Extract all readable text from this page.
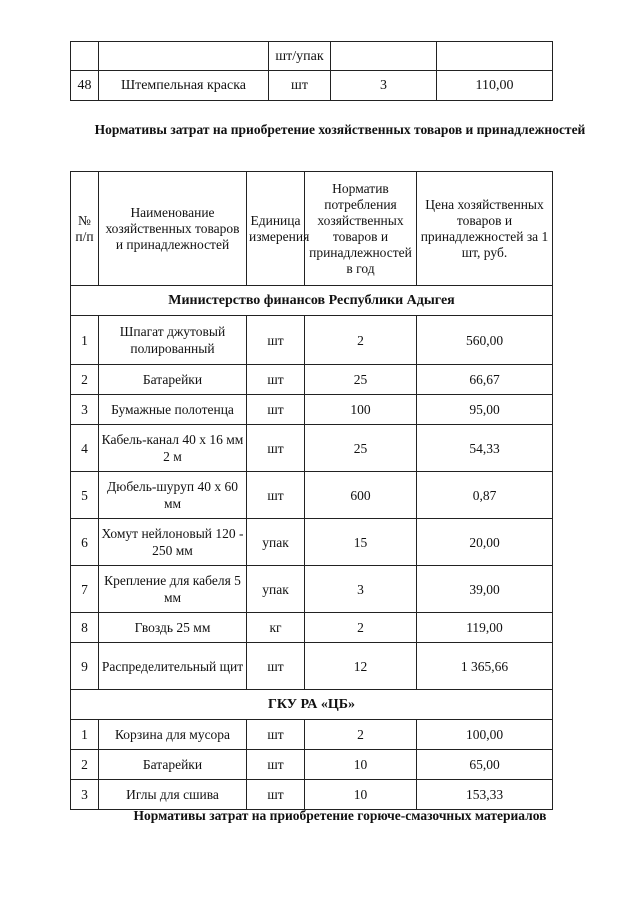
		шт/упак		
48	Штемпельная краска	шт	3	110,00
Нормативы затрат на приобретение хозяйственных товаров и принадлежностей
№ п/п	Наименование хозяйственных товаров и принадлежностей	Единица измерения	Норматив потребления хозяйственных товаров и принадлежностей в год	Цена хозяйственных товаров и принадлежностей за 1 шт, руб.
Министерство финансов Республики Адыгея				
1	Шпагат джутовый полированный	шт	2	560,00
2	Батарейки	шт	25	66,67
3	Бумажные полотенца	шт	100	95,00
4	Кабель-канал 40 х 16 мм 2 м	шт	25	54,33
5	Дюбель-шуруп 40 х 60 мм	шт	600	0,87
6	Хомут нейлоновый 120 - 250 мм	упак	15	20,00
7	Крепление для кабеля 5 мм	упак	3	39,00
8	Гвоздь 25 мм	кг	2	119,00
9	Распределительный щит	шт	12	1 365,66
ГКУ РА «ЦБ»				
1	Корзина для мусора	шт	2	100,00
2	Батарейки	шт	10	65,00
3	Иглы для сшива	шт	10	153,33
Нормативы затрат на приобретение горюче-смазочных материалов
